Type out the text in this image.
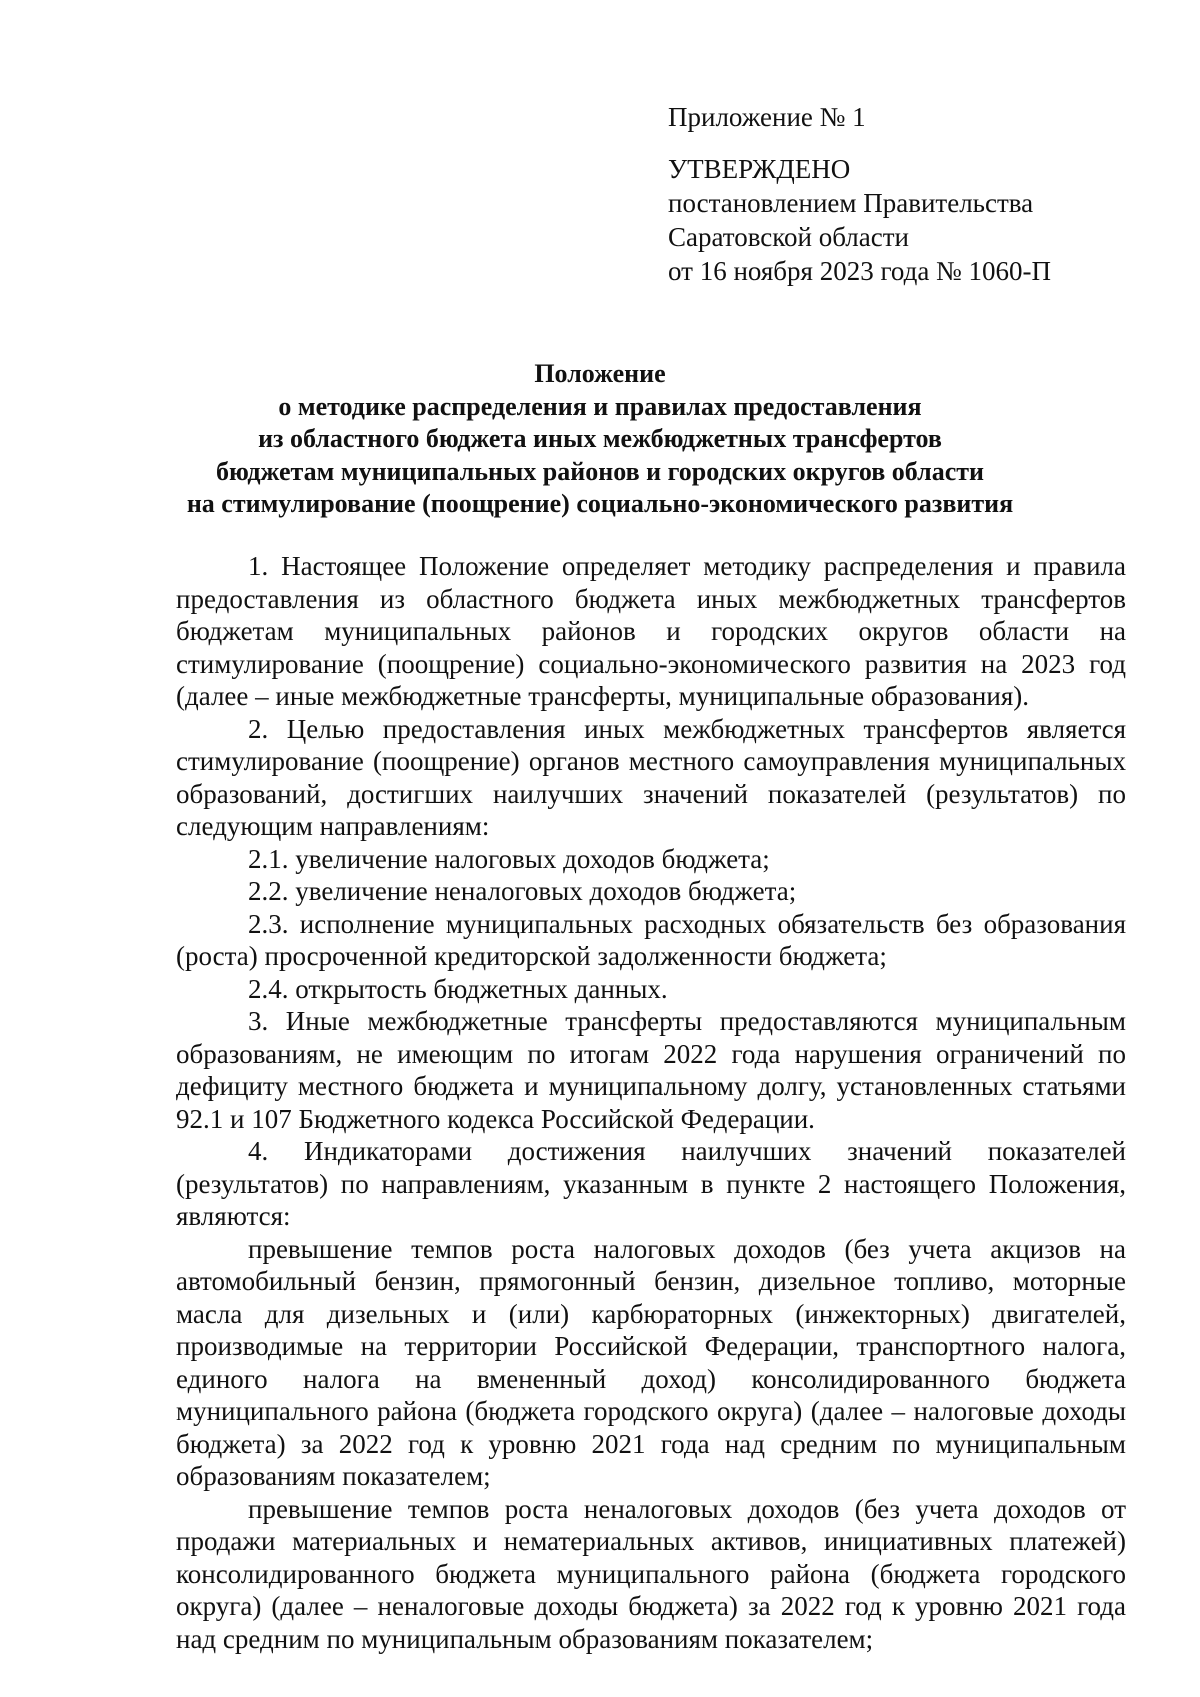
Приложение № 1
УТВЕРЖДЕНО
постановлением Правительства
Саратовской области
от 16 ноября 2023 года № 1060-П
Положение
о методике распределения и правилах предоставления
из областного бюджета иных межбюджетных трансфертов
бюджетам муниципальных районов и городских округов области
на стимулирование (поощрение) социально-экономического развития

1. Настоящее Положение определяет методику распределения и правила предоставления из областного бюджета иных межбюджетных трансфертов бюджетам муниципальных районов и городских округов области на стимулирование (поощрение) социально-экономического развития на 2023 год (далее – иные межбюджетные трансферты, муниципальные образования).

2. Целью предоставления иных межбюджетных трансфертов является стимулирование (поощрение) органов местного самоуправления муниципальных образований, достигших наилучших значений показателей (результатов) по следующим направлениям:

2.1. увеличение налоговых доходов бюджета;

2.2. увеличение неналоговых доходов бюджета;

2.3. исполнение муниципальных расходных обязательств без образования (роста) просроченной кредиторской задолженности бюджета;

2.4. открытость бюджетных данных.

3. Иные межбюджетные трансферты предоставляются муниципальным образованиям, не имеющим по итогам 2022 года нарушения ограничений по дефициту местного бюджета и муниципальному долгу, установленных статьями 92.1 и 107 Бюджетного кодекса Российской Федерации.

4. Индикаторами достижения наилучших значений показателей (результатов) по направлениям, указанным в пункте 2 настоящего Положения, являются:

превышение темпов роста налоговых доходов (без учета акцизов на автомобильный бензин, прямогонный бензин, дизельное топливо, моторные масла для дизельных и (или) карбюраторных (инжекторных) двигателей, производимые на территории Российской Федерации, транспортного налога, единого налога на вмененный доход) консолидированного бюджета муниципального района (бюджета городского округа) (далее – налоговые доходы бюджета) за 2022 год к уровню 2021 года над средним по муниципальным образованиям показателем;

превышение темпов роста неналоговых доходов (без учета доходов от продажи материальных и нематериальных активов, инициативных платежей) консолидированного бюджета муниципального района (бюджета городского округа) (далее – неналоговые доходы бюджета) за 2022 год к уровню 2021 года над средним по муниципальным образованиям показателем;
